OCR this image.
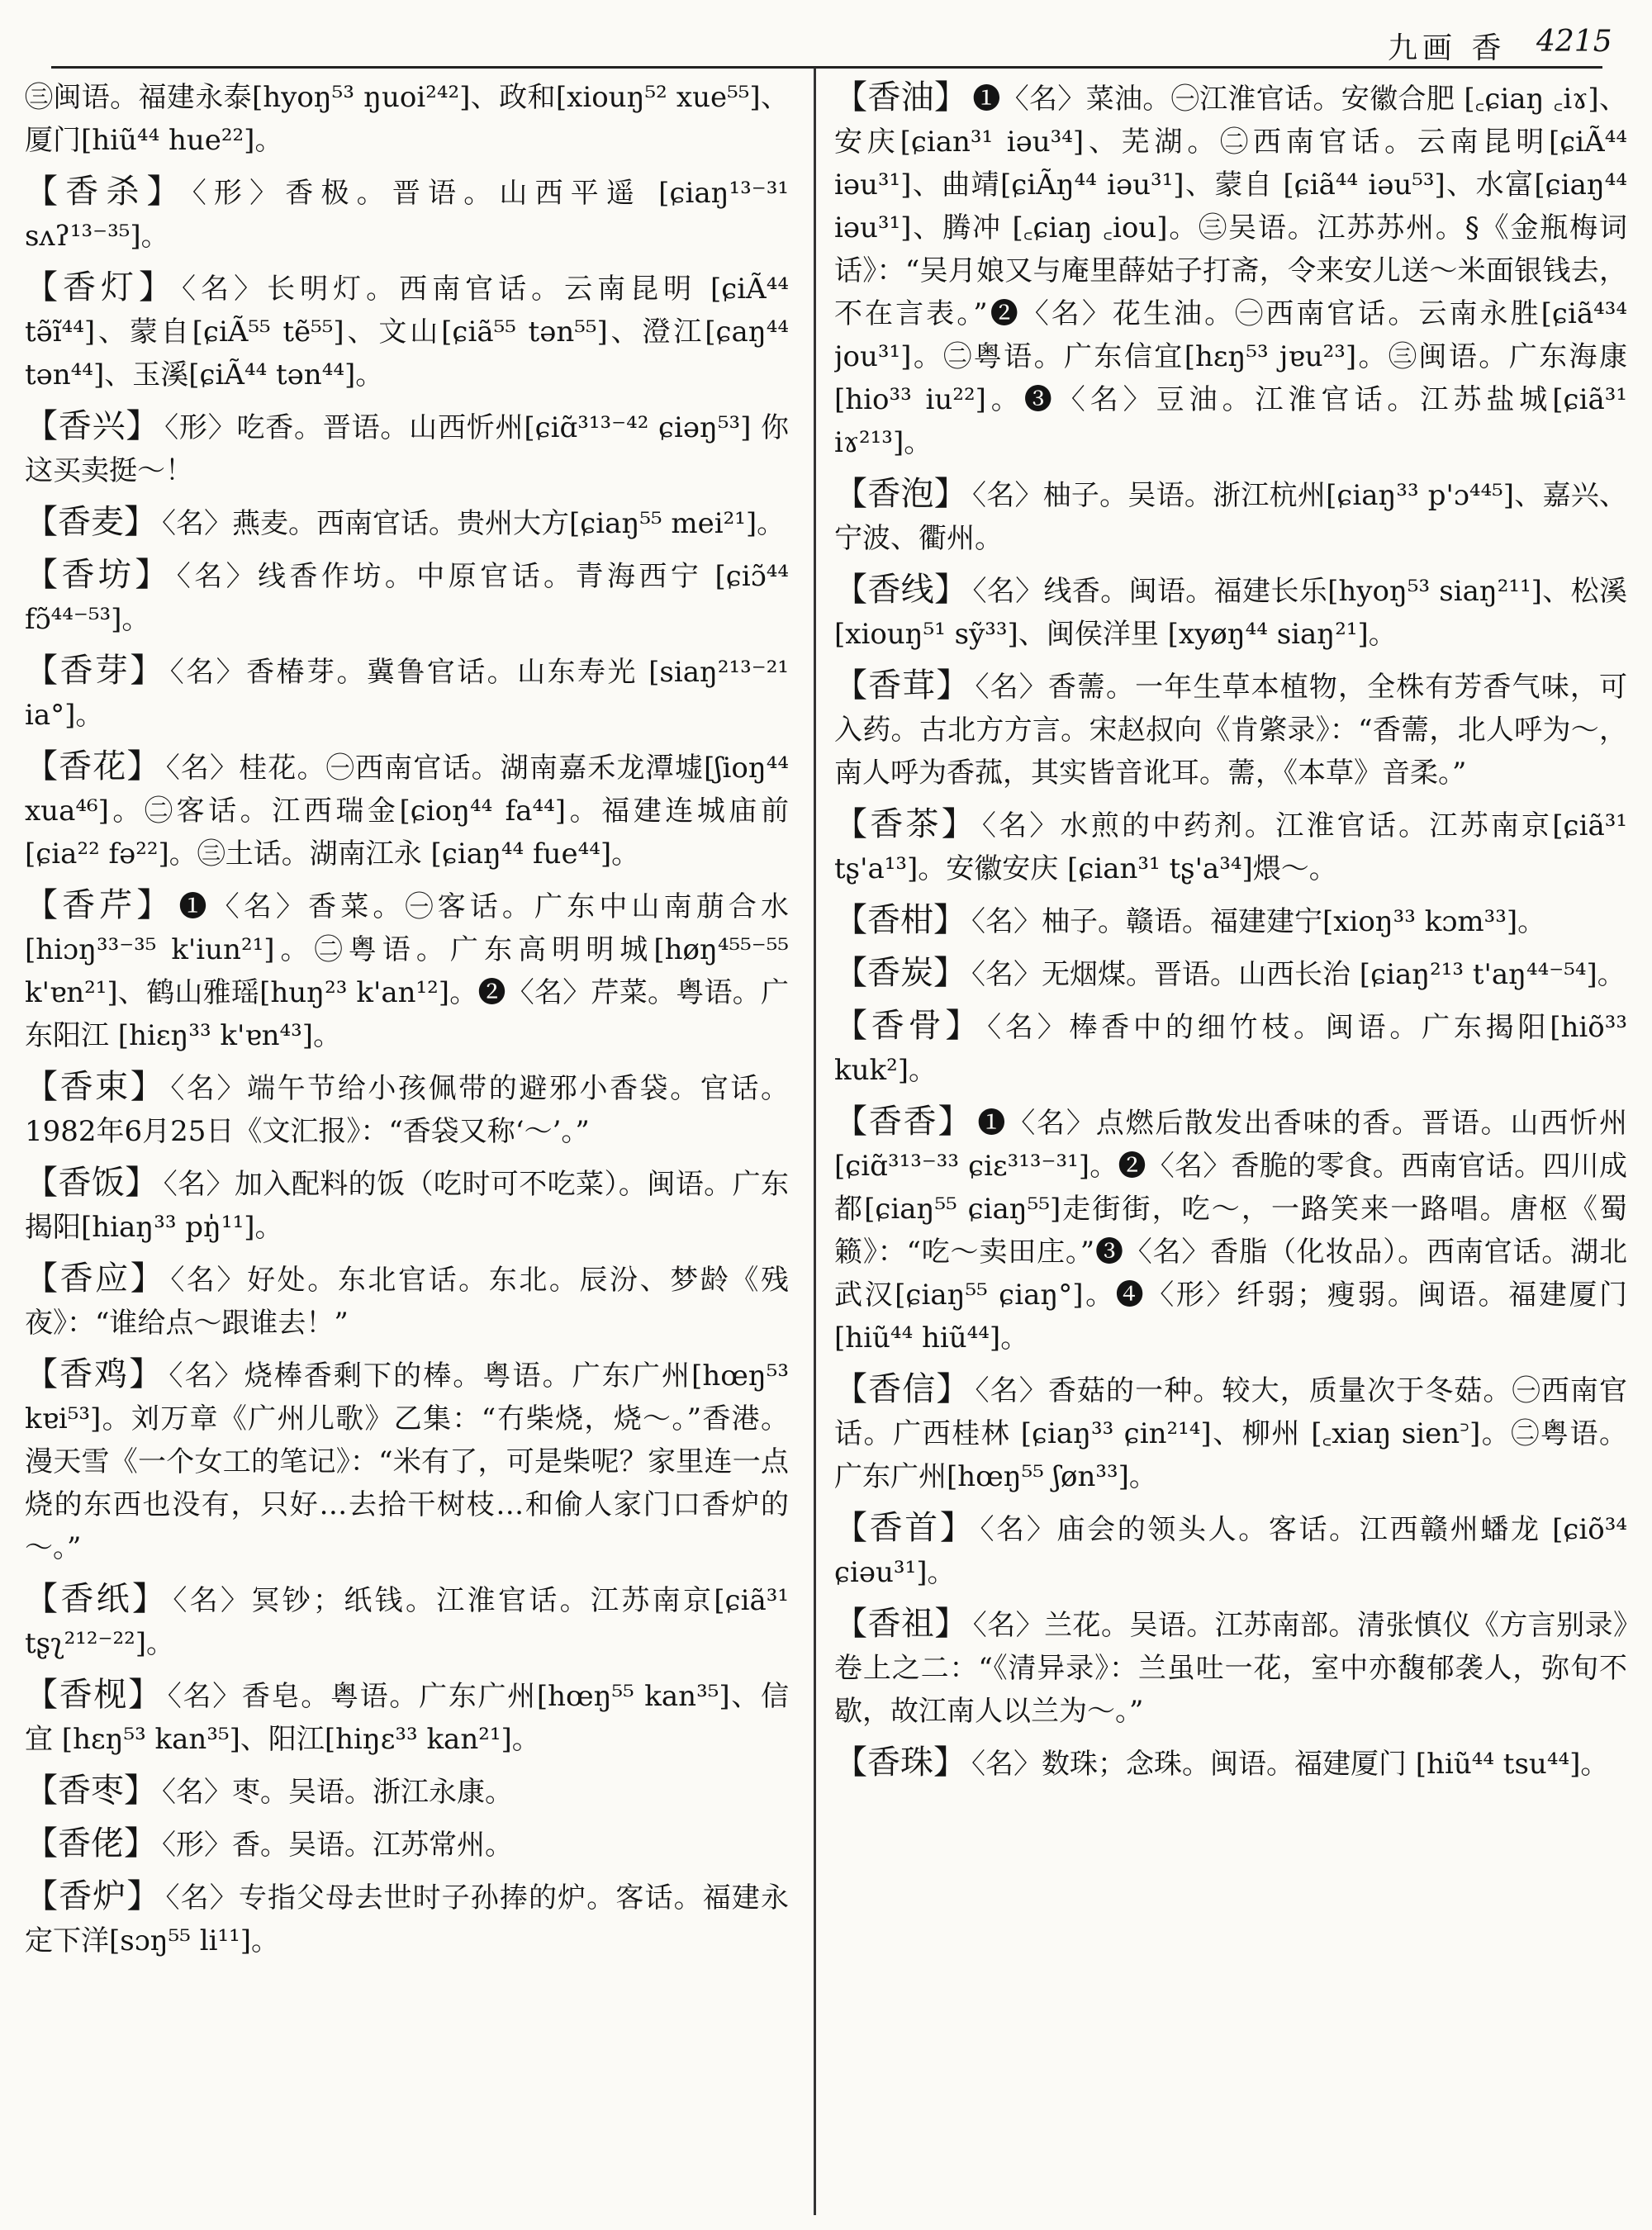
九画 香 4215

㊂闽语。福建永泰[hyoŋ⁵³ ŋuoi²⁴²]、政和[xiouŋ⁵² xue⁵⁵]、厦门[hiũ⁴⁴ hue²²]。

【香杀】 〈形〉香极。晋语。山西平遥 [ɕiaŋ¹³⁻³¹ sʌʔ¹³⁻³⁵]。

【香灯】 〈名〉长明灯。西南官话。云南昆明 [ɕiÃ⁴⁴ tə̃ĩ⁴⁴]、蒙自[ɕiÃ⁵⁵ tẽ⁵⁵]、文山[ɕiã⁵⁵ tən⁵⁵]、澄江[ɕaŋ⁴⁴ tən⁴⁴]、玉溪[ɕiÃ⁴⁴ tən⁴⁴]。

【香兴】 〈形〉吃香。晋语。山西忻州[ɕiɑ̃³¹³⁻⁴² ɕiəŋ⁵³] 你这买卖挺～！

【香麦】 〈名〉燕麦。西南官话。贵州大方[ɕiaŋ⁵⁵ mei²¹]。

【香坊】 〈名〉线香作坊。中原官话。青海西宁 [ɕiɔ̃⁴⁴ fɔ̃⁴⁴⁻⁵³]。

【香芽】 〈名〉香椿芽。冀鲁官话。山东寿光 [siaŋ²¹³⁻²¹ ia°]。

【香花】 〈名〉桂花。㊀西南官话。湖南嘉禾龙潭墟[ʃioŋ⁴⁴ xua⁴⁶]。㊁客话。江西瑞金[ɕioŋ⁴⁴ fa⁴⁴]。福建连城庙前 [ɕia²² fə²²]。㊂土话。湖南江永 [ɕiaŋ⁴⁴ fue⁴⁴]。

【香芹】 ❶〈名〉香菜。㊀客话。广东中山南萠合水 [hiɔŋ³³⁻³⁵ k'iun²¹]。㊁粤语。广东高明明城[høŋ⁴⁵⁵⁻⁵⁵ k'ɐn²¹]、鹤山雅瑶[huŋ²³ k'an¹²]。❷〈名〉芹菜。粤语。广东阳江 [hiɛŋ³³ k'ɐn⁴³]。

【香束】 〈名〉端午节给小孩佩带的避邪小香袋。官话。1982年6月25日《文汇报》：“香袋又称‘～’。”

【香饭】 〈名〉加入配料的饭（吃时可不吃菜）。闽语。广东揭阳[hiaŋ³³ pŋ̍¹¹]。

【香应】 〈名〉好处。东北官话。东北。辰汾、梦龄《残夜》：“谁给点～跟谁去！”

【香鸡】 〈名〉烧棒香剩下的棒。粤语。广东广州[hœŋ⁵³ kɐi⁵³]。刘万章《广州儿歌》乙集：“冇柴烧，烧～。”香港。漫天雪《一个女工的笔记》：“米有了，可是柴呢？家里连一点烧的东西也没有，只好…去拾干树枝…和偷人家门口香炉的～。”

【香纸】 〈名〉冥钞；纸钱。江淮官话。江苏南京[ɕiã³¹ tʂʅ²¹²⁻²²]。

【香枧】 〈名〉香皂。粤语。广东广州[hœŋ⁵⁵ kan³⁵]、信宜 [hɛŋ⁵³ kan³⁵]、阳江[hiŋɛ³³ kan²¹]。

【香枣】 〈名〉枣。吴语。浙江永康。

【香佬】 〈形〉香。吴语。江苏常州。

【香炉】 〈名〉专指父母去世时子孙捧的炉。客话。福建永定下洋[sɔŋ⁵⁵ li¹¹]。

【香油】 ❶〈名〉菜油。㊀江淮官话。安徽合肥 [꜀ɕiaŋ ꜀iɤ]、安庆[ɕian³¹ iəu³⁴]、芜湖。㊁西南官话。云南昆明[ɕiÃ⁴⁴ iəu³¹]、曲靖[ɕiÃŋ⁴⁴ iəu³¹]、蒙自 [ɕiã⁴⁴ iəu⁵³]、水富[ɕiaŋ⁴⁴ iəu³¹]、腾冲 [꜀ɕiaŋ ꜀iou]。㊂吴语。江苏苏州。§《金瓶梅词话》：“吴月娘又与庵里薛姑子打斋，令来安儿送～米面银钱去，不在言表。”❷〈名〉花生油。㊀西南官话。云南永胜[ɕiã⁴³⁴ jou³¹]。㊁粤语。广东信宜[hɛŋ⁵³ jɐu²³]。㊂闽语。广东海康[hio³³ iu²²]。❸〈名〉豆油。江淮官话。江苏盐城[ɕiã³¹ iɤ²¹³]。

【香泡】 〈名〉柚子。吴语。浙江杭州[ɕiaŋ³³ p'ɔ⁴⁴⁵]、嘉兴、宁波、衢州。

【香线】 〈名〉线香。闽语。福建长乐[hyoŋ⁵³ siaŋ²¹¹]、松溪[xiouŋ⁵¹ sỹ³³]、闽侯洋里 [xyøŋ⁴⁴ siaŋ²¹]。

【香茸】 〈名〉香薷。一年生草本植物，全株有芳香气味，可入药。古北方方言。宋赵叔向《肯綮录》：“香薷，北人呼为～，南人呼为香菰，其实皆音讹耳。薷，《本草》音柔。”

【香茶】 〈名〉水煎的中药剂。江淮官话。江苏南京[ɕiã³¹ tʂ'a¹³]。安徽安庆 [ɕian³¹ tʂ'a³⁴]煨～。

【香柑】 〈名〉柚子。赣语。福建建宁[xioŋ³³ kɔm³³]。

【香炭】 〈名〉无烟煤。晋语。山西长治 [ɕiaŋ²¹³ t'aŋ⁴⁴⁻⁵⁴]。

【香骨】 〈名〉棒香中的细竹枝。闽语。广东揭阳[hiõ³³ kuk²]。

【香香】 ❶〈名〉点燃后散发出香味的香。晋语。山西忻州[ɕiɑ̃³¹³⁻³³ ɕiɛ³¹³⁻³¹]。❷〈名〉香脆的零食。西南官话。四川成都[ɕiaŋ⁵⁵ ɕiaŋ⁵⁵]走街街，吃～，一路笑来一路唱。唐枢《蜀籁》：“吃～卖田庄。”❸〈名〉香脂（化妆品）。西南官话。湖北武汉[ɕiaŋ⁵⁵ ɕiaŋ°]。❹〈形〉纤弱；瘦弱。闽语。福建厦门 [hiũ⁴⁴ hiũ⁴⁴]。

【香信】 〈名〉香菇的一种。较大，质量次于冬菇。㊀西南官话。广西桂林 [ɕiaŋ³³ ɕin²¹⁴]、柳州 [꜀xiaŋ sien꜄]。㊁粤语。广东广州[hœŋ⁵⁵ ʃøn³³]。

【香首】 〈名〉庙会的领头人。客话。江西赣州蟠龙 [ɕiõ³⁴ ɕiəu³¹]。

【香祖】 〈名〉兰花。吴语。江苏南部。清张慎仪《方言别录》卷上之二：“《清异录》：兰虽吐一花，室中亦馥郁袭人，弥旬不歇，故江南人以兰为～。”

【香珠】 〈名〉数珠；念珠。闽语。福建厦门 [hiũ⁴⁴ tsu⁴⁴]。
